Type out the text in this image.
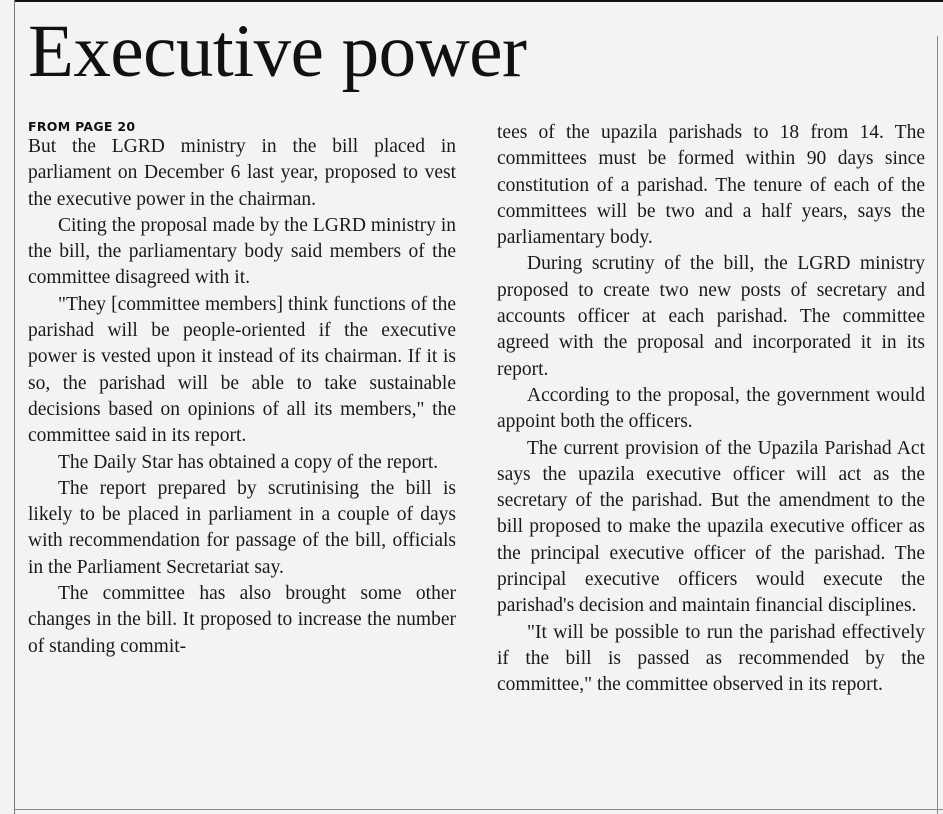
Executive power
FROM PAGE 20

But the LGRD ministry in the bill placed in parliament on December 6 last year, proposed to vest the executive power in the chairman.

Citing the proposal made by the LGRD ministry in the bill, the parliamentary body said members of the committee disagreed with it.

"They [committee members] think functions of the parishad will be people-oriented if the executive power is vested upon it instead of its chairman. If it is so, the parishad will be able to take sustainable decisions based on opinions of all its members," the committee said in its report.

The Daily Star has obtained a copy of the report.

The report prepared by scrutinising the bill is likely to be placed in parliament in a couple of days with recommendation for passage of the bill, officials in the Parliament Secretariat say.

The committee has also brought some other changes in the bill. It proposed to increase the number of standing commit-

tees of the upazila parishads to 18 from 14. The committees must be formed within 90 days since constitution of a parishad. The tenure of each of the committees will be two and a half years, says the parliamentary body.

During scrutiny of the bill, the LGRD ministry proposed to create two new posts of secretary and accounts officer at each parishad. The committee agreed with the proposal and incorporated it in its report.

According to the proposal, the government would appoint both the officers.

The current provision of the Upazila Parishad Act says the upazila executive officer will act as the secretary of the parishad. But the amendment to the bill proposed to make the upazila executive officer as the principal executive officer of the parishad. The principal executive officers would execute the parishad's decision and maintain financial disciplines.

"It will be possible to run the parishad effectively if the bill is passed as recommended by the committee," the committee observed in its report.
